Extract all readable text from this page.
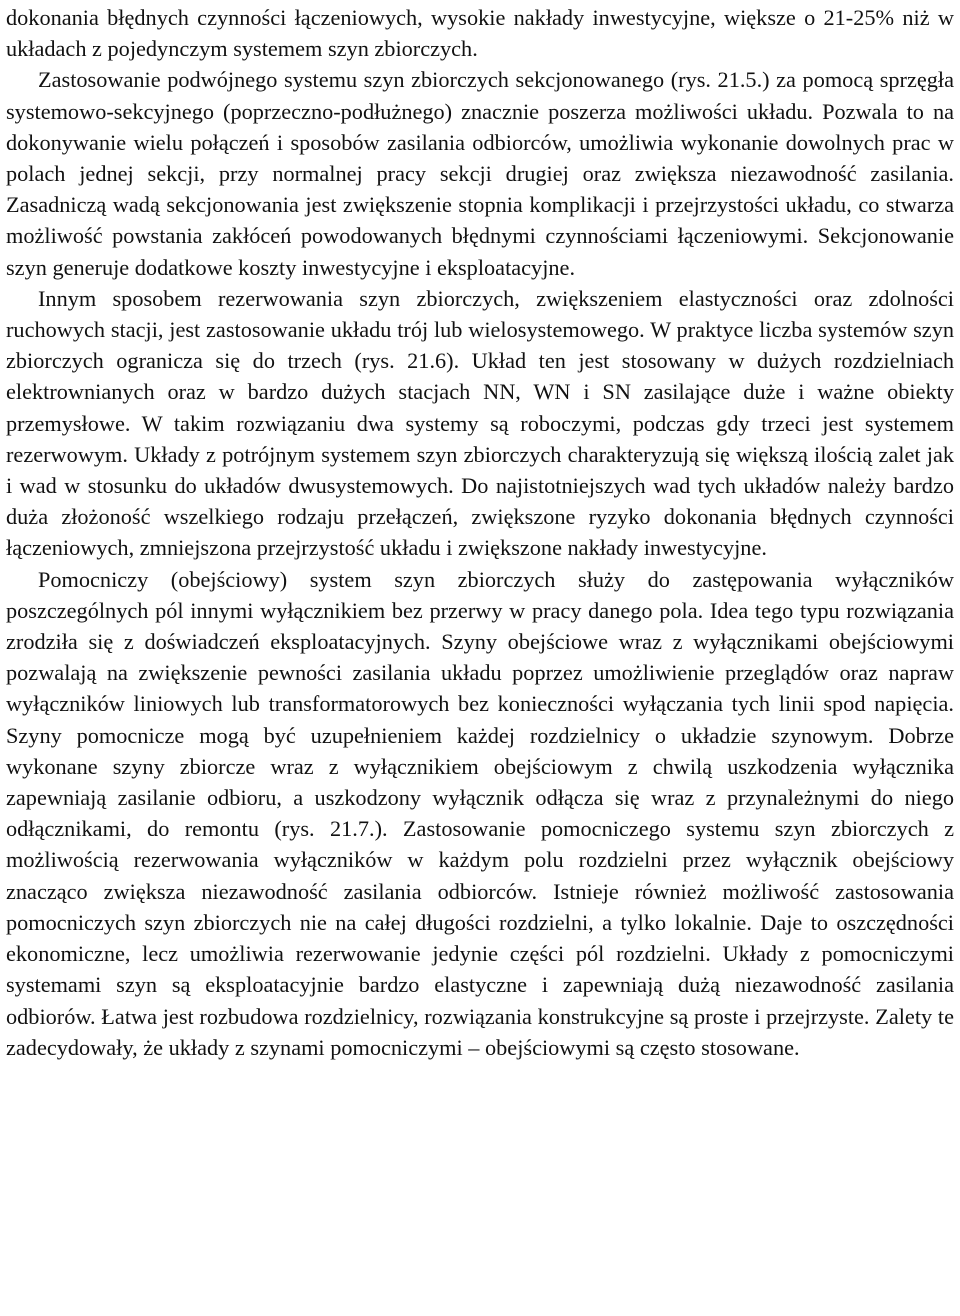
dokonania błędnych czynności łączeniowych, wysokie nakłady inwestycyjne, większe o 21-25% niż w układach z pojedynczym systemem szyn zbiorczych.

Zastosowanie podwójnego systemu szyn zbiorczych sekcjonowanego (rys. 21.5.) za pomocą sprzęgła systemowo-sekcyjnego (poprzeczno-podłużnego) znacznie poszerza możliwości układu. Pozwala to na dokonywanie wielu połączeń i sposobów zasilania odbiorców, umożliwia wykonanie dowolnych prac w polach jednej sekcji, przy normalnej pracy sekcji drugiej oraz zwiększa niezawodność zasilania. Zasadniczą wadą sekcjonowania jest zwiększenie stopnia komplikacji i przejrzystości układu, co stwarza możliwość powstania zakłóceń powodowanych błędnymi czynnościami łączeniowymi. Sekcjonowanie szyn generuje dodatkowe koszty inwestycyjne i eksploatacyjne.

Innym sposobem rezerwowania szyn zbiorczych, zwiększeniem elastyczności oraz zdolności ruchowych stacji, jest zastosowanie układu trój lub wielosystemowego. W praktyce liczba systemów szyn zbiorczych ogranicza się do trzech (rys. 21.6). Układ ten jest stosowany w dużych rozdzielniach elektrownianych oraz w bardzo dużych stacjach NN, WN i SN zasilające duże i ważne obiekty przemysłowe. W takim rozwiązaniu dwa systemy są roboczymi, podczas gdy trzeci jest systemem rezerwowym. Układy z potrójnym systemem szyn zbiorczych charakteryzują się większą ilością zalet jak i wad w stosunku do układów dwusystemowych. Do najistotniejszych wad tych układów należy bardzo duża złożoność wszelkiego rodzaju przełączeń, zwiększone ryzyko dokonania błędnych czynności łączeniowych, zmniejszona przejrzystość układu i zwiększone nakłady inwestycyjne.

Pomocniczy (obejściowy) system szyn zbiorczych służy do zastępowania wyłączników poszczególnych pól innymi wyłącznikiem bez przerwy w pracy danego pola. Idea tego typu rozwiązania zrodziła się z doświadczeń eksploatacyjnych. Szyny obejściowe wraz z wyłącznikami obejściowymi pozwalają na zwiększenie pewności zasilania układu poprzez umożliwienie przeglądów oraz napraw wyłączników liniowych lub transformatorowych bez konieczności wyłączania tych linii spod napięcia. Szyny pomocnicze mogą być uzupełnieniem każdej rozdzielnicy o układzie szynowym. Dobrze wykonane szyny zbiorcze wraz z wyłącznikiem obejściowym z chwilą uszkodzenia wyłącznika zapewniają zasilanie odbioru, a uszkodzony wyłącznik odłącza się wraz z przynależnymi do niego odłącznikami, do remontu (rys. 21.7.). Zastosowanie pomocniczego systemu szyn zbiorczych z możliwością rezerwowania wyłączników w każdym polu rozdzielni przez wyłącznik obejściowy znacząco zwiększa niezawodność zasilania odbiorców. Istnieje również możliwość zastosowania pomocniczych szyn zbiorczych nie na całej długości rozdzielni, a tylko lokalnie. Daje to oszczędności ekonomiczne, lecz umożliwia rezerwowanie jedynie części pól rozdzielni. Układy z pomocniczymi systemami szyn są eksploatacyjnie bardzo elastyczne i zapewniają dużą niezawodność zasilania odbiorów. Łatwa jest rozbudowa rozdzielnicy, rozwiązania konstrukcyjne są proste i przejrzyste. Zalety te zadecydowały, że układy z szynami pomocniczymi – obejściowymi są często stosowane.
